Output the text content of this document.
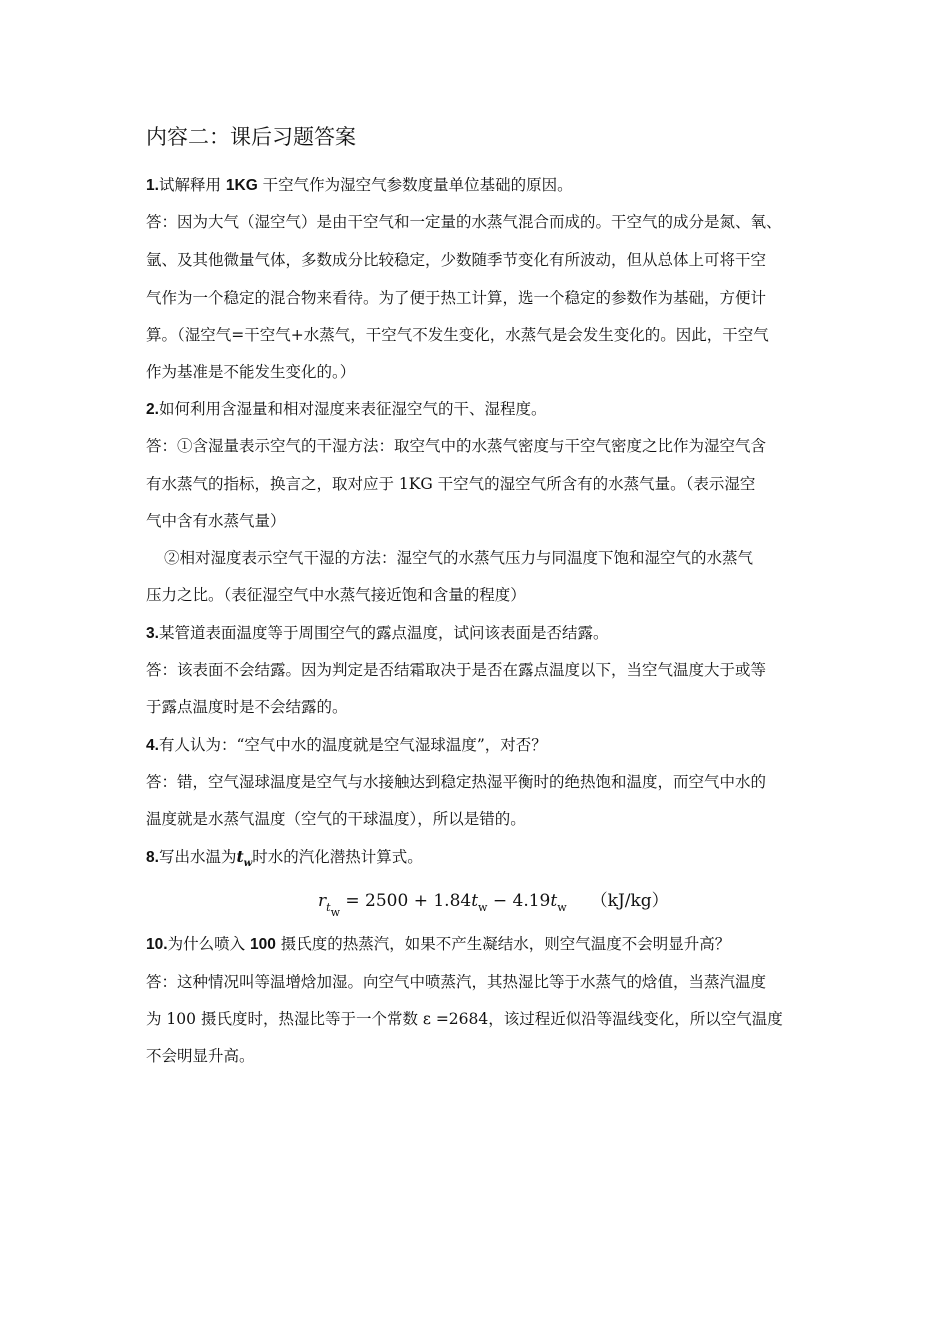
内容二：课后习题答案
1.试解释用 1KG 干空气作为湿空气参数度量单位基础的原因。
答：因为大气（湿空气）是由干空气和一定量的水蒸气混合而成的。干空气的成分是氮、氧、
氩、及其他微量气体，多数成分比较稳定，少数随季节变化有所波动，但从总体上可将干空
气作为一个稳定的混合物来看待。为了便于热工计算，选一个稳定的参数作为基础，方便计
算。（湿空气=干空气+水蒸气，干空气不发生变化，水蒸气是会发生变化的。因此，干空气
作为基准是不能发生变化的。）
2.如何利用含湿量和相对湿度来表征湿空气的干、湿程度。
答：①含湿量表示空气的干湿方法：取空气中的水蒸气密度与干空气密度之比作为湿空气含
有水蒸气的指标，换言之，取对应于 1KG 干空气的湿空气所含有的水蒸气量。（表示湿空
气中含有水蒸气量）
②相对湿度表示空气干湿的方法：湿空气的水蒸气压力与同温度下饱和湿空气的水蒸气
压力之比。（表征湿空气中水蒸气接近饱和含量的程度）
3.某管道表面温度等于周围空气的露点温度，试问该表面是否结露。
答：该表面不会结露。因为判定是否结霜取决于是否在露点温度以下，当空气温度大于或等
于露点温度时是不会结露的。
4.有人认为：“空气中水的温度就是空气湿球温度”，对否？
答：错，空气湿球温度是空气与水接触达到稳定热湿平衡时的绝热饱和温度，而空气中水的
温度就是水蒸气温度（空气的干球温度），所以是错的。
8.写出水温为$t_w$时水的汽化潜热计算式。
$r_{t_w} = 2500 + 1.84t_w - 4.19t_w$ （kJ/kg）
10.为什么喷入 100 摄氏度的热蒸汽，如果不产生凝结水，则空气温度不会明显升高？
答：这种情况叫等温增焓加湿。向空气中喷蒸汽，其热湿比等于水蒸气的焓值，当蒸汽温度
为 100 摄氏度时，热湿比等于一个常数 ε =2684，该过程近似沿等温线变化，所以空气温度
不会明显升高。
